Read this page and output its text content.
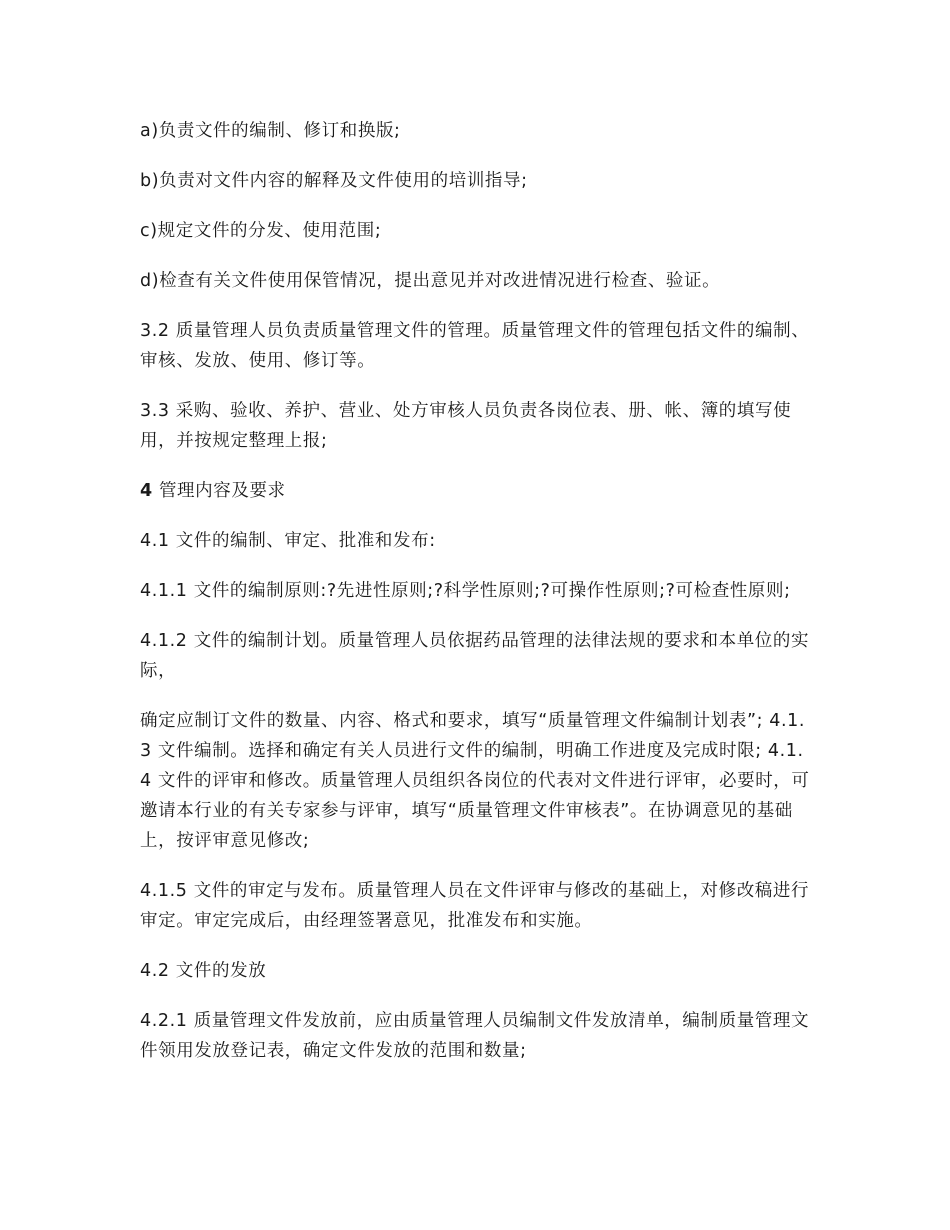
a)负责文件的编制、修订和换版;

b)负责对文件内容的解释及文件使用的培训指导;

c)规定文件的分发、使用范围;

d)检查有关文件使用保管情况，提出意见并对改进情况进行检查、验证。

3.2 质量管理人员负责质量管理文件的管理。质量管理文件的管理包括文件的编制、审核、发放、使用、修订等。

3.3 采购、验收、养护、营业、处方审核人员负责各岗位表、册、帐、簿的填写使用，并按规定整理上报;

4 管理内容及要求

4.1 文件的编制、审定、批准和发布:

4.1.1 文件的编制原则:?先进性原则;?科学性原则;?可操作性原则;?可检查性原则;

4.1.2 文件的编制计划。质量管理人员依据药品管理的法律法规的要求和本单位的实际，

确定应制订文件的数量、内容、格式和要求，填写“质量管理文件编制计划表”; 4.1.3 文件编制。选择和确定有关人员进行文件的编制，明确工作进度及完成时限; 4.1.4 文件的评审和修改。质量管理人员组织各岗位的代表对文件进行评审，必要时，可邀请本行业的有关专家参与评审，填写“质量管理文件审核表”。在协调意见的基础上，按评审意见修改;

4.1.5 文件的审定与发布。质量管理人员在文件评审与修改的基础上，对修改稿进行审定。审定完成后，由经理签署意见，批准发布和实施。

4.2 文件的发放

4.2.1 质量管理文件发放前，应由质量管理人员编制文件发放清单，编制质量管理文件领用发放登记表，确定文件发放的范围和数量;
